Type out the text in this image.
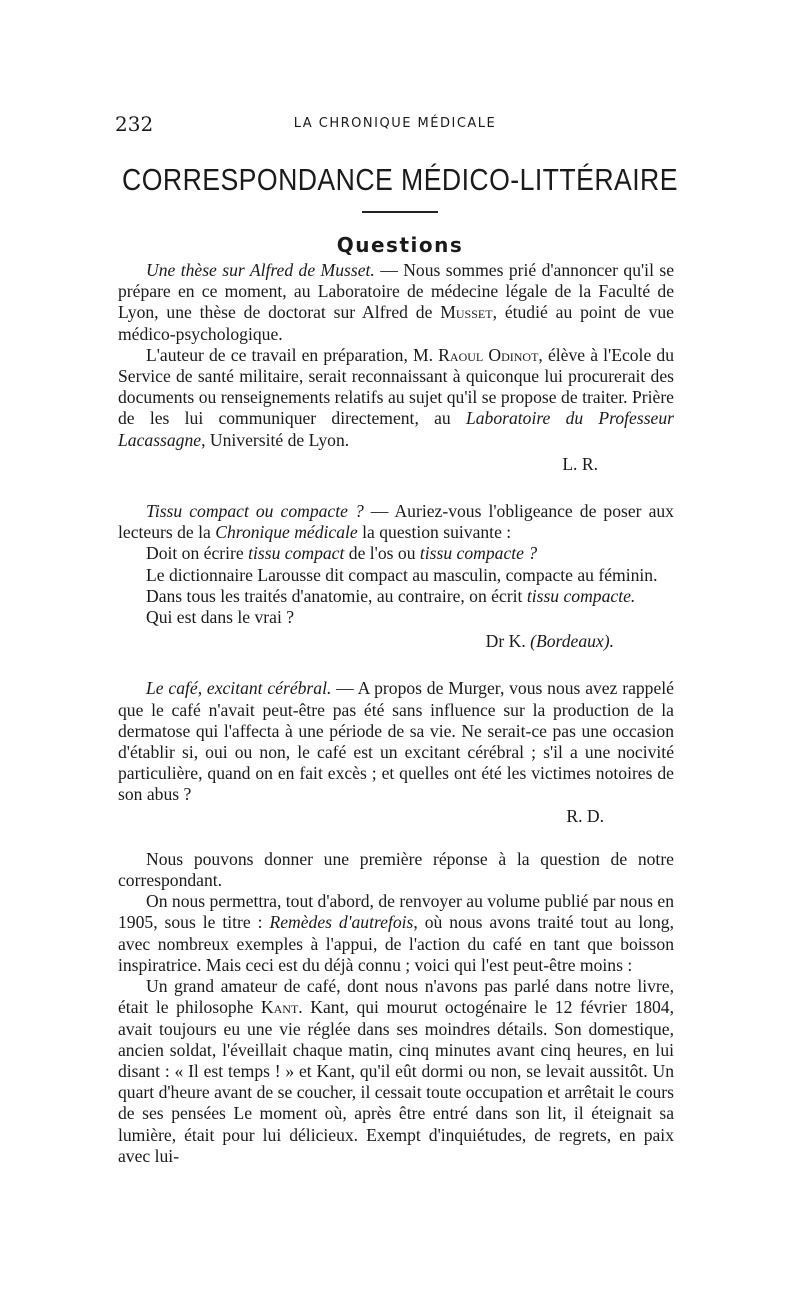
232	LA CHRONIQUE MÉDICALE
CORRESPONDANCE MÉDICO-LITTÉRAIRE
Questions

Une thèse sur Alfred de Musset. — Nous sommes prié d'annoncer qu'il se prépare en ce moment, au Laboratoire de médecine légale de la Faculté de Lyon, une thèse de doctorat sur Alfred de Musset, étudié au point de vue médico-psychologique.

L'auteur de ce travail en préparation, M. Raoul Odinot, élève à l'Ecole du Service de santé militaire, serait reconnaissant à quiconque lui procurerait des documents ou renseignements relatifs au sujet qu'il se propose de traiter. Prière de les lui communiquer directement, au Laboratoire du Professeur Lacassagne, Université de Lyon.

L. R.

Tissu compact ou compacte ? — Auriez-vous l'obligeance de poser aux lecteurs de la Chronique médicale la question suivante :

Doit on écrire tissu compact de l'os ou tissu compacte ?

Le dictionnaire Larousse dit compact au masculin, compacte au féminin.

Dans tous les traités d'anatomie, au contraire, on écrit tissu compacte.

Qui est dans le vrai ?

Dr K. (Bordeaux).

Le café, excitant cérébral. — A propos de Murger, vous nous avez rappelé que le café n'avait peut-être pas été sans influence sur la production de la dermatose qui l'affecta à une période de sa vie. Ne serait-ce pas une occasion d'établir si, oui ou non, le café est un excitant cérébral ; s'il a une nocivité particulière, quand on en fait excès ; et quelles ont été les victimes notoires de son abus ?

R. D.

Nous pouvons donner une première réponse à la question de notre correspondant.

On nous permettra, tout d'abord, de renvoyer au volume publié par nous en 1905, sous le titre : Remèdes d'autrefois, où nous avons traité tout au long, avec nombreux exemples à l'appui, de l'action du café en tant que boisson inspiratrice. Mais ceci est du déjà connu ; voici qui l'est peut-être moins :

Un grand amateur de café, dont nous n'avons pas parlé dans notre livre, était le philosophe Kant. Kant, qui mourut octogénaire le 12 février 1804, avait toujours eu une vie réglée dans ses moindres détails. Son domestique, ancien soldat, l'éveillait chaque matin, cinq minutes avant cinq heures, en lui disant : « Il est temps ! » et Kant, qu'il eût dormi ou non, se levait aussitôt. Un quart d'heure avant de se coucher, il cessait toute occupation et arrêtait le cours de ses pensées Le moment où, après être entré dans son lit, il éteignait sa lumière, était pour lui délicieux. Exempt d'inquiétudes, de regrets, en paix avec lui-
